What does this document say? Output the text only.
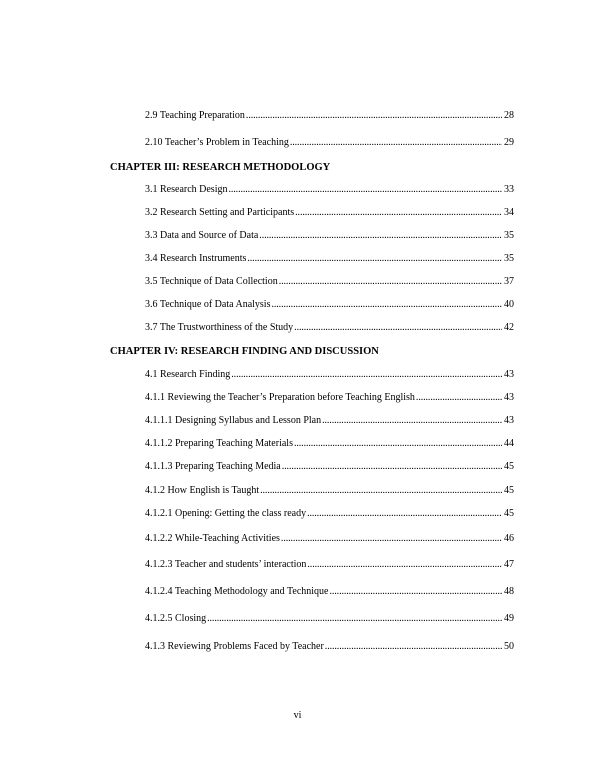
2.9 Teaching Preparation . . .	28
2.10 Teacher’s Problem in Teaching . . .	29
CHAPTER III: RESEARCH METHODOLOGY
3.1 Research Design . . .	33
3.2 Research Setting and Participants . . .	34
3.3 Data and Source of Data . . .	35
3.4 Research Instruments . . .	35
3.5 Technique of Data Collection . . .	37
3.6 Technique of Data Analysis . . .	40
3.7 The Trustworthiness of the Study . . .	42
CHAPTER IV: RESEARCH FINDING AND DISCUSSION
4.1 Research Finding . . .	43
4.1.1 Reviewing the Teacher’s Preparation before Teaching English . . .	43
4.1.1.1 Designing Syllabus and Lesson Plan . . .	43
4.1.1.2 Preparing Teaching Materials . . .	44
4.1.1.3 Preparing Teaching Media . . .	45
4.1.2 How English is Taught . . .	45
4.1.2.1 Opening: Getting the class ready . . .	45
4.1.2.2 While-Teaching Activities . . .	46
4.1.2.3 Teacher and students’ interaction . . .	47
4.1.2.4 Teaching Methodology and Technique . . .	48
4.1.2.5 Closing . . .	49
4.1.3 Reviewing Problems Faced by Teacher . . .	50
vi
